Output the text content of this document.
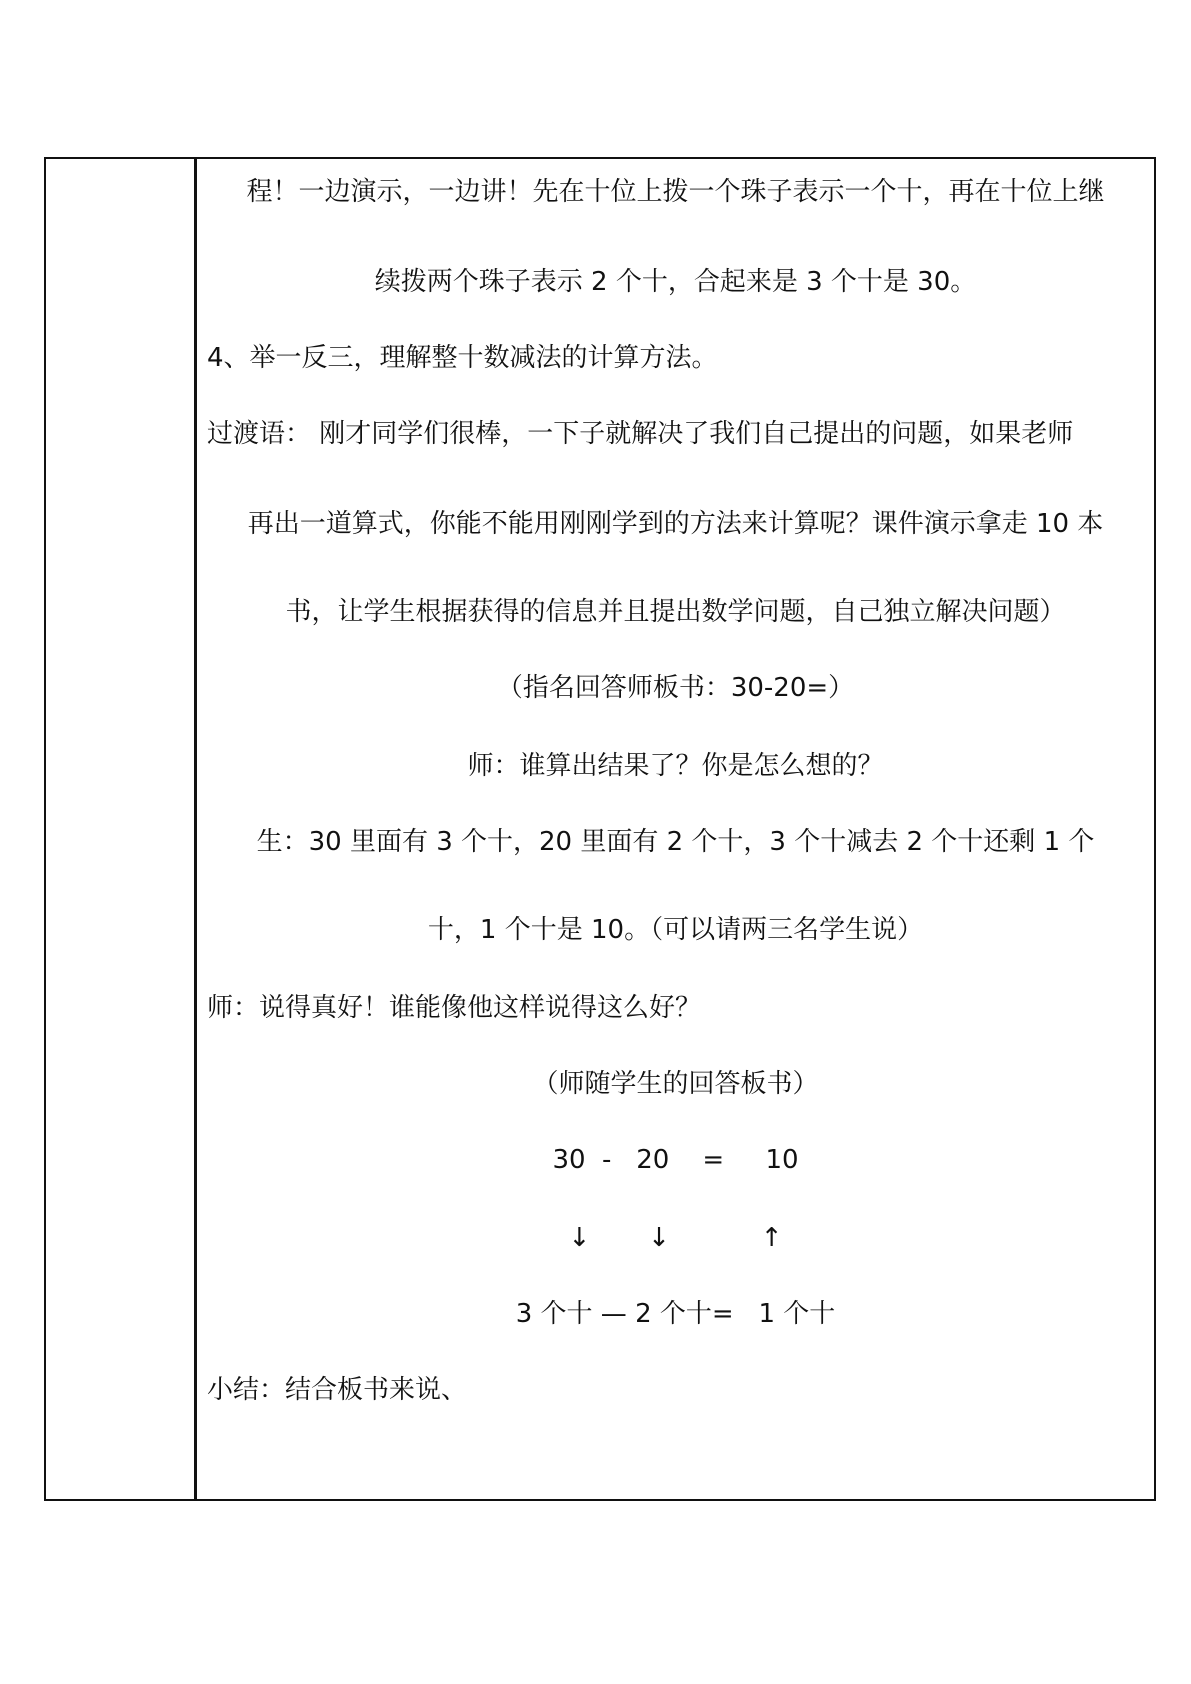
程！一边演示，一边讲！先在十位上拨一个珠子表示一个十，再在十位上继
续拨两个珠子表示 2 个十，合起来是 3 个十是 30。
4、举一反三，理解整十数减法的计算方法。
过渡语： 刚才同学们很棒，一下子就解决了我们自己提出的问题，如果老师
再出一道算式，你能不能用刚刚学到的方法来计算呢？课件演示拿走 10 本
书，让学生根据获得的信息并且提出数学问题，自己独立解决问题）
（指名回答师板书：30-20=）
师：谁算出结果了？你是怎么想的？
生：30 里面有 3 个十，20 里面有 2 个十，3 个十减去 2 个十还剩 1 个
十，1 个十是 10。（可以请两三名学生说）
师：说得真好！谁能像他这样说得这么好？
（师随学生的回答板书）
30  -   20    =     10
↓       ↓           ↑
3 个十 — 2 个十=   1 个十
小结：结合板书来说、
